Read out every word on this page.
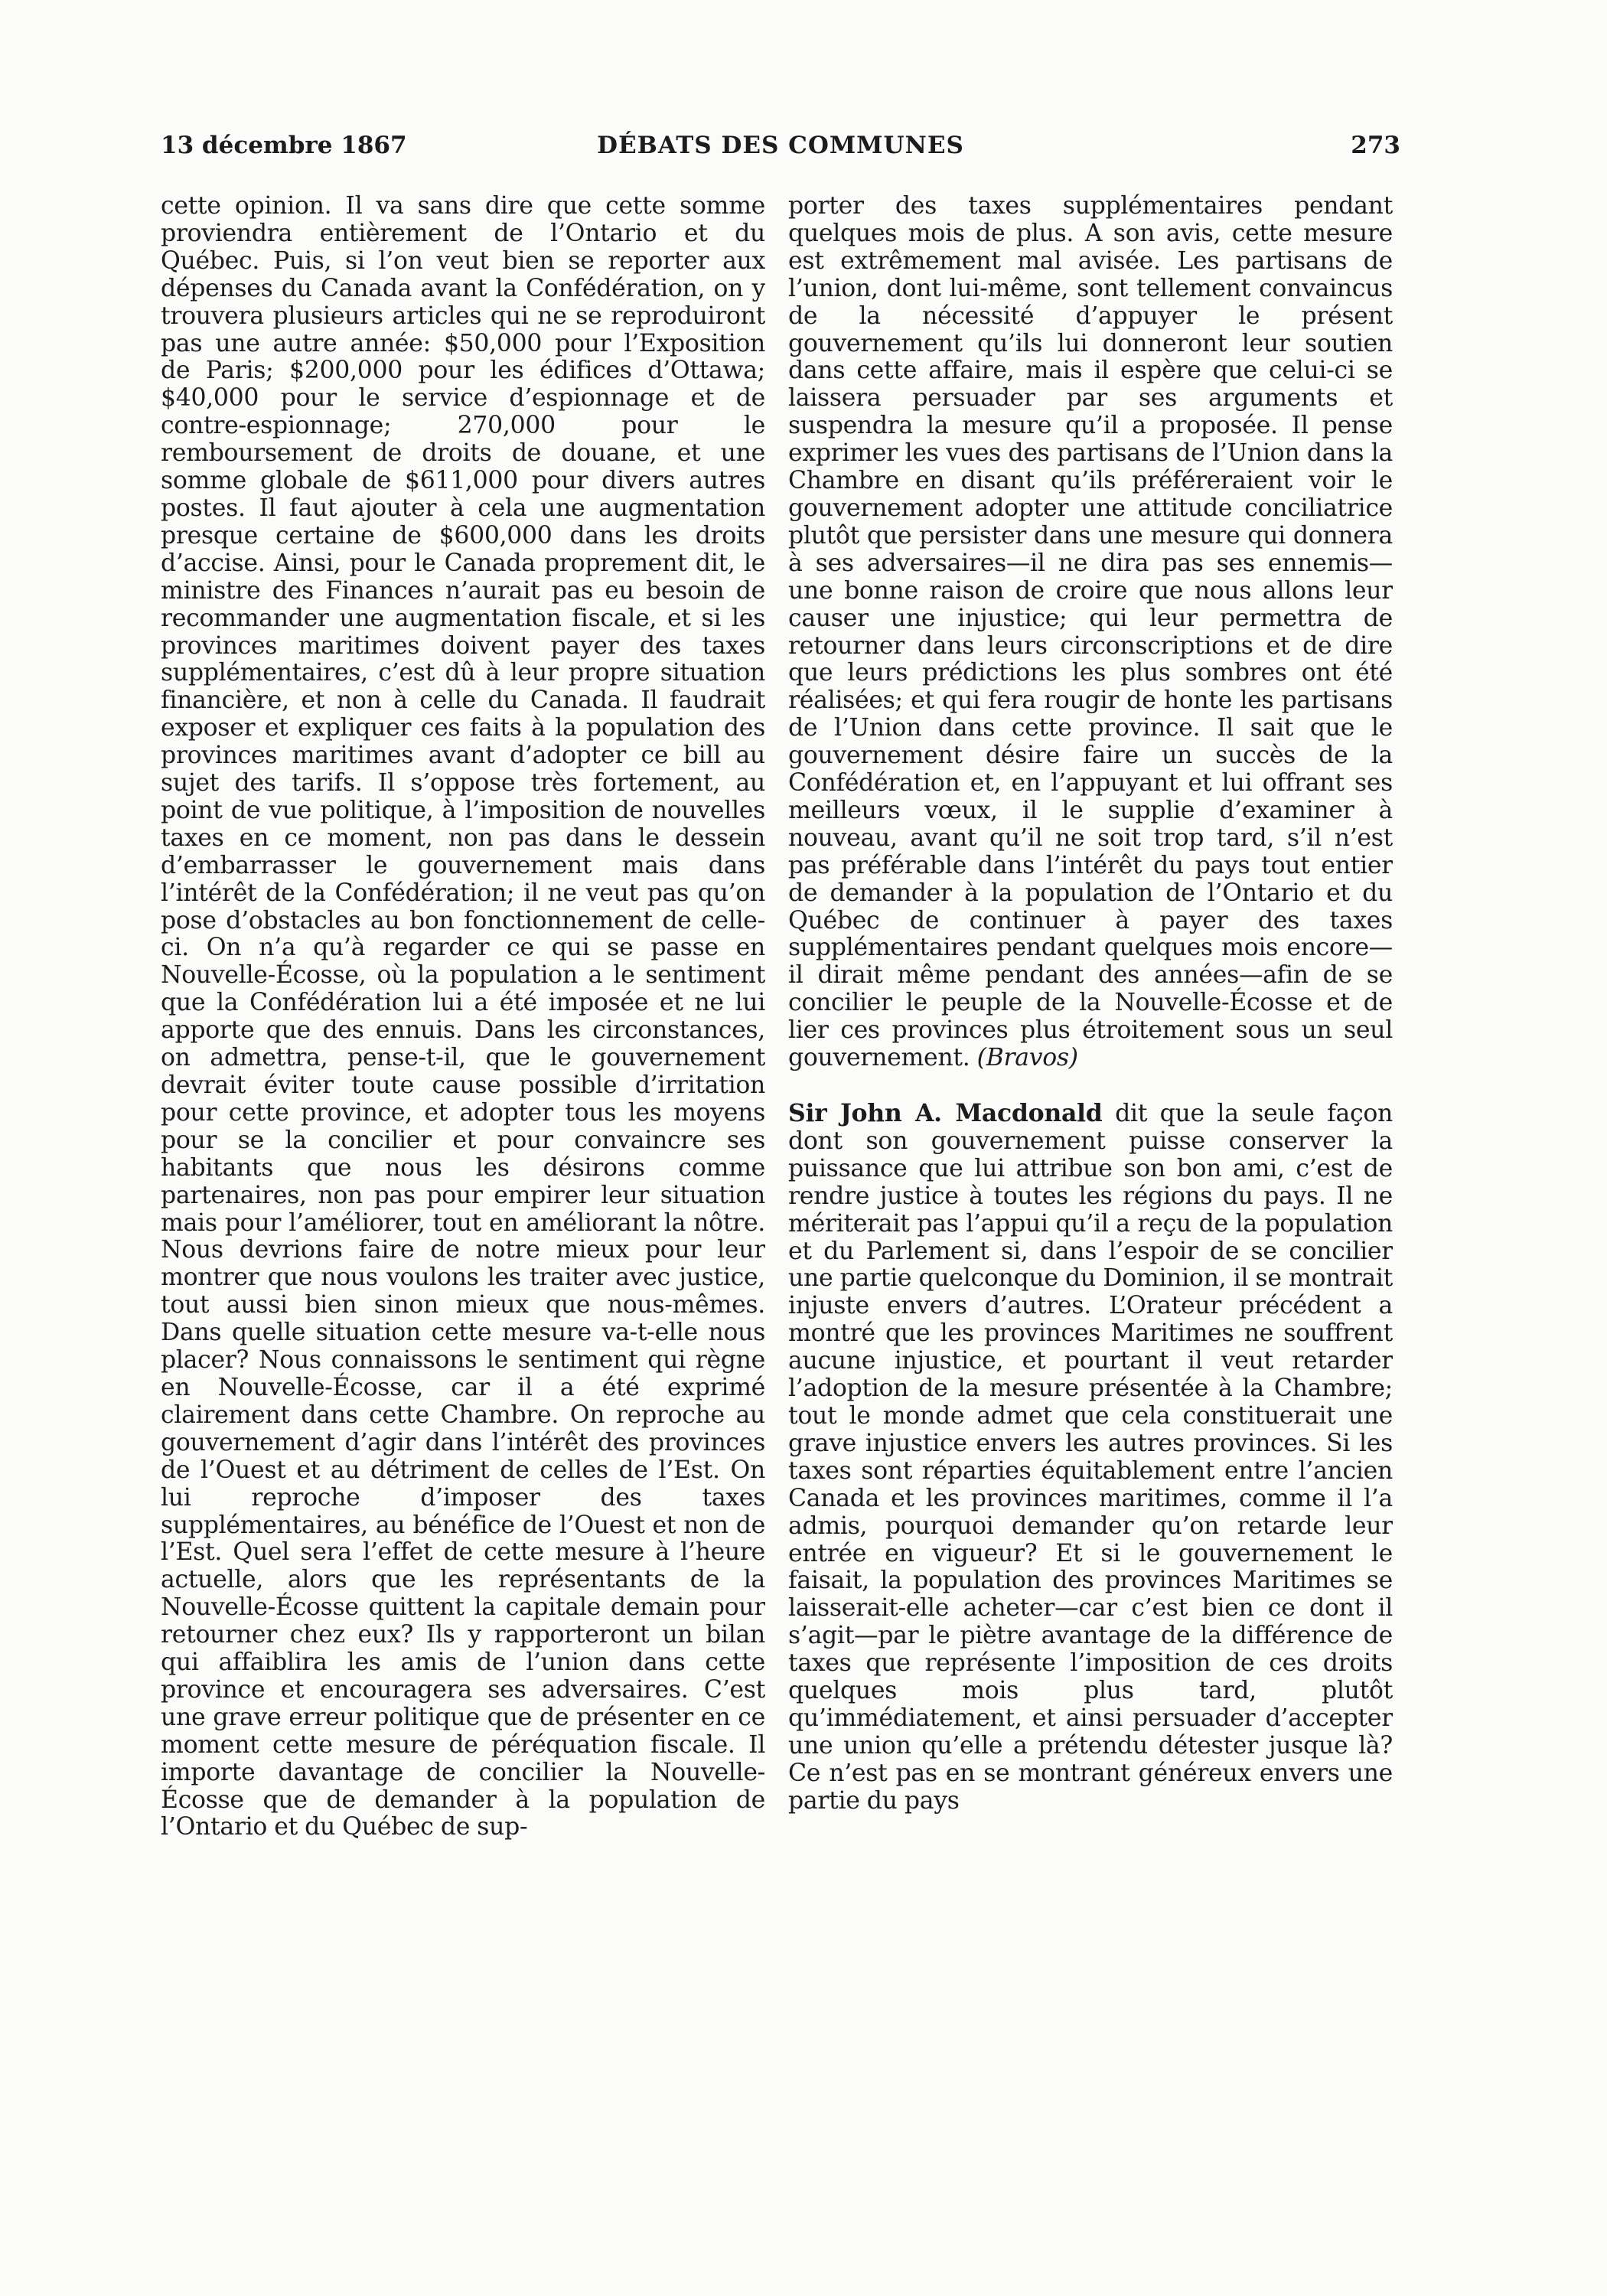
13 décembre 1867	DÉBATS DES COMMUNES	273

cette opinion. Il va sans dire que cette somme proviendra entièrement de l’Ontario et du Québec. Puis, si l’on veut bien se reporter aux dépenses du Canada avant la Confédération, on y trouvera plusieurs articles qui ne se reproduiront pas une autre année: $50,000 pour l’Exposition de Paris; $200,000 pour les édifices d’Ottawa; $40,000 pour le service d’espionnage et de contre-espionnage; 270,000 pour le remboursement de droits de douane, et une somme globale de $611,000 pour divers autres postes. Il faut ajouter à cela une augmentation presque certaine de $600,000 dans les droits d’accise. Ainsi, pour le Canada proprement dit, le ministre des Finances n’aurait pas eu besoin de recommander une augmentation fiscale, et si les provinces maritimes doivent payer des taxes supplémentaires, c’est dû à leur propre situation financière, et non à celle du Canada. Il faudrait exposer et expliquer ces faits à la population des provinces maritimes avant d’adopter ce bill au sujet des tarifs. Il s’oppose très fortement, au point de vue politique, à l’imposition de nouvelles taxes en ce moment, non pas dans le dessein d’embarrasser le gouvernement mais dans l’intérêt de la Confédération; il ne veut pas qu’on pose d’obstacles au bon fonctionnement de celle-ci. On n’a qu’à regarder ce qui se passe en Nouvelle-Écosse, où la population a le sentiment que la Confédération lui a été imposée et ne lui apporte que des ennuis. Dans les circonstances, on admettra, pense-t-il, que le gouvernement devrait éviter toute cause possible d’irritation pour cette province, et adopter tous les moyens pour se la concilier et pour convaincre ses habitants que nous les désirons comme partenaires, non pas pour empirer leur situation mais pour l’améliorer, tout en améliorant la nôtre. Nous devrions faire de notre mieux pour leur montrer que nous voulons les traiter avec justice, tout aussi bien sinon mieux que nous-mêmes. Dans quelle situation cette mesure va-t-elle nous placer? Nous connaissons le sentiment qui règne en Nouvelle-Écosse, car il a été exprimé clairement dans cette Chambre. On reproche au gouvernement d’agir dans l’intérêt des provinces de l’Ouest et au détriment de celles de l’Est. On lui reproche d’imposer des taxes supplémentaires, au bénéfice de l’Ouest et non de l’Est. Quel sera l’effet de cette mesure à l’heure actuelle, alors que les représentants de la Nouvelle-Écosse quittent la capitale demain pour retourner chez eux? Ils y rapporteront un bilan qui affaiblira les amis de l’union dans cette province et encouragera ses adversaires. C’est une grave erreur politique que de présenter en ce moment cette mesure de péréquation fiscale. Il importe davantage de concilier la Nouvelle-Écosse que de demander à la population de l’Ontario et du Québec de sup-

porter des taxes supplémentaires pendant quelques mois de plus. A son avis, cette mesure est extrêmement mal avisée. Les partisans de l’union, dont lui-même, sont tellement convaincus de la nécessité d’appuyer le présent gouvernement qu’ils lui donneront leur soutien dans cette affaire, mais il espère que celui-ci se laissera persuader par ses arguments et suspendra la mesure qu’il a proposée. Il pense exprimer les vues des partisans de l’Union dans la Chambre en disant qu’ils préféreraient voir le gouvernement adopter une attitude conciliatrice plutôt que persister dans une mesure qui donnera à ses adversaires—il ne dira pas ses ennemis—une bonne raison de croire que nous allons leur causer une injustice; qui leur permettra de retourner dans leurs circonscriptions et de dire que leurs prédictions les plus sombres ont été réalisées; et qui fera rougir de honte les partisans de l’Union dans cette province. Il sait que le gouvernement désire faire un succès de la Confédération et, en l’appuyant et lui offrant ses meilleurs vœux, il le supplie d’examiner à nouveau, avant qu’il ne soit trop tard, s’il n’est pas préférable dans l’intérêt du pays tout entier de demander à la population de l’Ontario et du Québec de continuer à payer des taxes supplémentaires pendant quelques mois encore—il dirait même pendant des années—afin de se concilier le peuple de la Nouvelle-Écosse et de lier ces provinces plus étroitement sous un seul gouvernement. (Bravos)

Sir John A. Macdonald dit que la seule façon dont son gouvernement puisse conserver la puissance que lui attribue son bon ami, c’est de rendre justice à toutes les régions du pays. Il ne mériterait pas l’appui qu’il a reçu de la population et du Parlement si, dans l’espoir de se concilier une partie quelconque du Dominion, il se montrait injuste envers d’autres. L’Orateur précédent a montré que les provinces Maritimes ne souffrent aucune injustice, et pourtant il veut retarder l’adoption de la mesure présentée à la Chambre; tout le monde admet que cela constituerait une grave injustice envers les autres provinces. Si les taxes sont réparties équitablement entre l’ancien Canada et les provinces maritimes, comme il l’a admis, pourquoi demander qu’on retarde leur entrée en vigueur? Et si le gouvernement le faisait, la population des provinces Maritimes se laisserait-elle acheter—car c’est bien ce dont il s’agit—par le piètre avantage de la différence de taxes que représente l’imposition de ces droits quelques mois plus tard, plutôt qu’immédiatement, et ainsi persuader d’accepter une union qu’elle a prétendu détester jusque là? Ce n’est pas en se montrant généreux envers une partie du pays
